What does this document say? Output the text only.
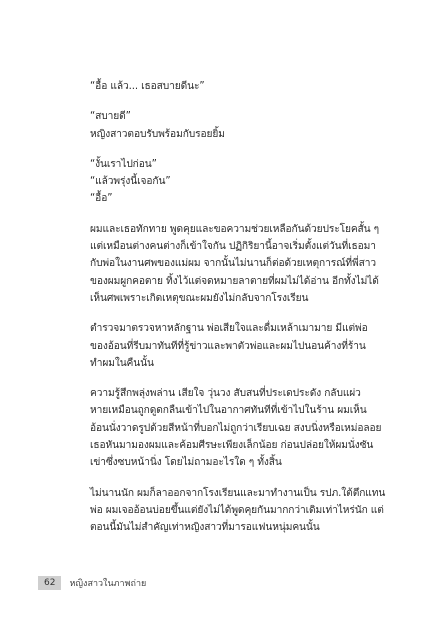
“อื้อ แล้ว... เธอสบายดีนะ”
“สบายดี”
หญิงสาวตอบรับพร้อมกับรอยยิ้ม
“งั้นเราไปก่อน”
“แล้วพรุ่งนี้เจอกัน”
“อื้อ”
ผมและเธอทักทาย พูดคุยและขอความช่วยเหลือกันด้วยประโยคสั้น ๆ
แต่เหมือนต่างคนต่างก็เข้าใจกัน ปฏิกิริยานี้อาจเริ่มตั้งแต่วันที่เธอมา
กับพ่อในงานศพของแม่ผม จากนั้นไม่นานก็ต่อด้วยเหตุการณ์ที่พี่สาว
ของผมผูกคอตาย ทิ้งไว้แต่จดหมายลาตายที่ผมไม่ได้อ่าน อีกทั้งไม่ได้
เห็นศพเพราะเกิดเหตุขณะผมยังไม่กลับจากโรงเรียน
ตำรวจมาตรวจหาหลักฐาน พ่อเสียใจและดื่มเหล้าเมามาย มีแต่พ่อ
ของอ้อนที่รีบมาทันทีที่รู้ข่าวและพาตัวพ่อและผมไปนอนค้างที่ร้าน
ทำผมในคืนนั้น
ความรู้สึกพลุ่งพล่าน เสียใจ วุ่นวง สับสนที่ประเดประดัง กลับแผ่ว
หายเหมือนถูกดูดกลืนเข้าไปในอากาศทันทีที่เข้าไปในร้าน ผมเห็น
อ้อนนั่งวาดรูปด้วยสีหน้าที่บอกไม่ถูกว่าเรียบเฉย สงบนิ่งหรือเหม่อลอย
เธอหันมามองผมและค้อมศีรษะเพียงเล็กน้อย ก่อนปล่อยให้ผมนั่งซัน
เข่าซึ่งซบหน้านิ่ง โดยไม่ถามอะไรใด ๆ ทั้งสิ้น
ไม่นานนัก ผมก็ลาออกจากโรงเรียนและมาทำงานเป็น รปภ.ใต้ตึกแทน
พ่อ ผมเจออ้อนบ่อยขึ้นแต่ยังไม่ได้พูดคุยกันมากกว่าเดิมเท่าไหร่นัก แต่
ตอนนี้มันไม่สำคัญเท่าหญิงสาวที่มารอแฟนหนุ่มคนนั้น
62	หญิงสาวในภาพถ่าย
